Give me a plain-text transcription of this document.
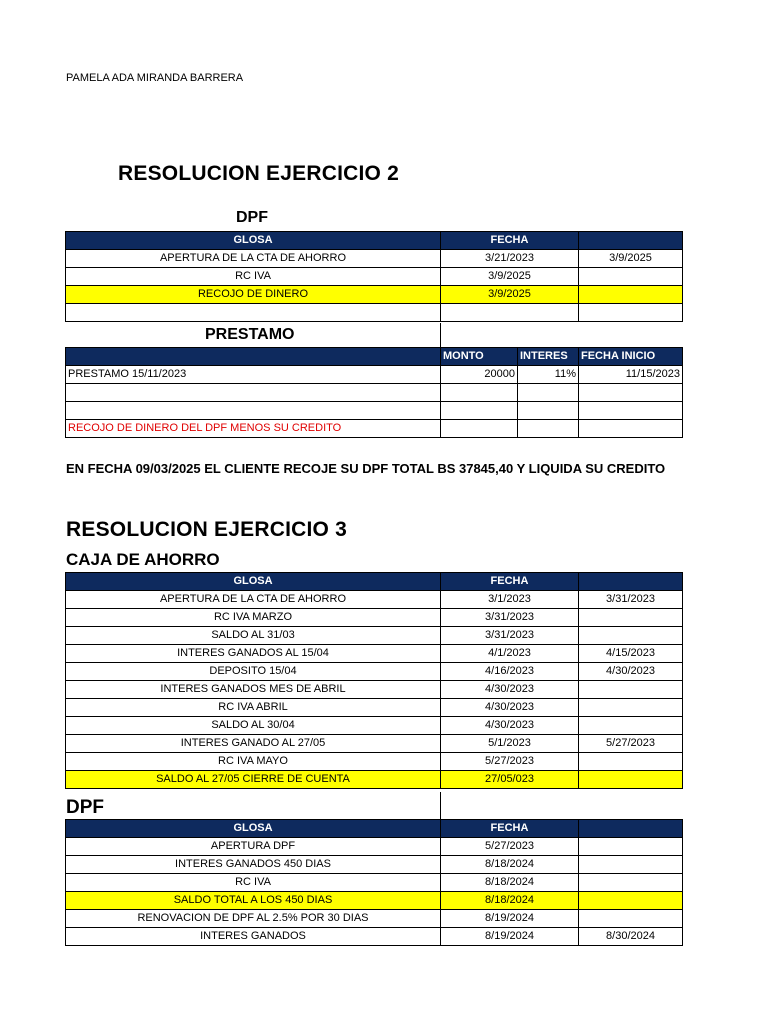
PAMELA ADA MIRANDA BARRERA
RESOLUCION EJERCICIO 2
DPF
GLOSA	FECHA	
APERTURA DE LA CTA DE AHORRO	3/21/2023	3/9/2025
RC IVA	3/9/2025	
RECOJO DE DINERO	3/9/2025	

PRESTAMO
	MONTO	INTERES	FECHA INICIO
PRESTAMO 15/11/2023	20000	11%	11/15/2023

RECOJO DE DINERO DEL DPF MENOS SU CREDITO			
EN FECHA 09/03/2025 EL CLIENTE RECOJE SU DPF TOTAL BS 37845,40 Y LIQUIDA SU CREDITO
RESOLUCION EJERCICIO 3
CAJA DE AHORRO
GLOSA	FECHA	
APERTURA DE LA CTA DE AHORRO	3/1/2023	3/31/2023
RC IVA MARZO	3/31/2023	
SALDO AL 31/03	3/31/2023	
INTERES GANADOS AL 15/04	4/1/2023	4/15/2023
DEPOSITO 15/04	4/16/2023	4/30/2023
INTERES GANADOS MES DE ABRIL	4/30/2023	
RC IVA ABRIL	4/30/2023	
SALDO AL 30/04	4/30/2023	
INTERES GANADO AL 27/05	5/1/2023	5/27/2023
RC IVA MAYO	5/27/2023	
SALDO AL 27/05 CIERRE DE CUENTA	27/05/023	
DPF
GLOSA	FECHA	
APERTURA DPF	5/27/2023	
INTERES GANADOS 450 DIAS	8/18/2024	
RC IVA	8/18/2024	
SALDO TOTAL A LOS 450 DIAS	8/18/2024	
RENOVACION DE DPF AL 2.5% POR 30 DIAS	8/19/2024	
INTERES GANADOS	8/19/2024	8/30/2024
